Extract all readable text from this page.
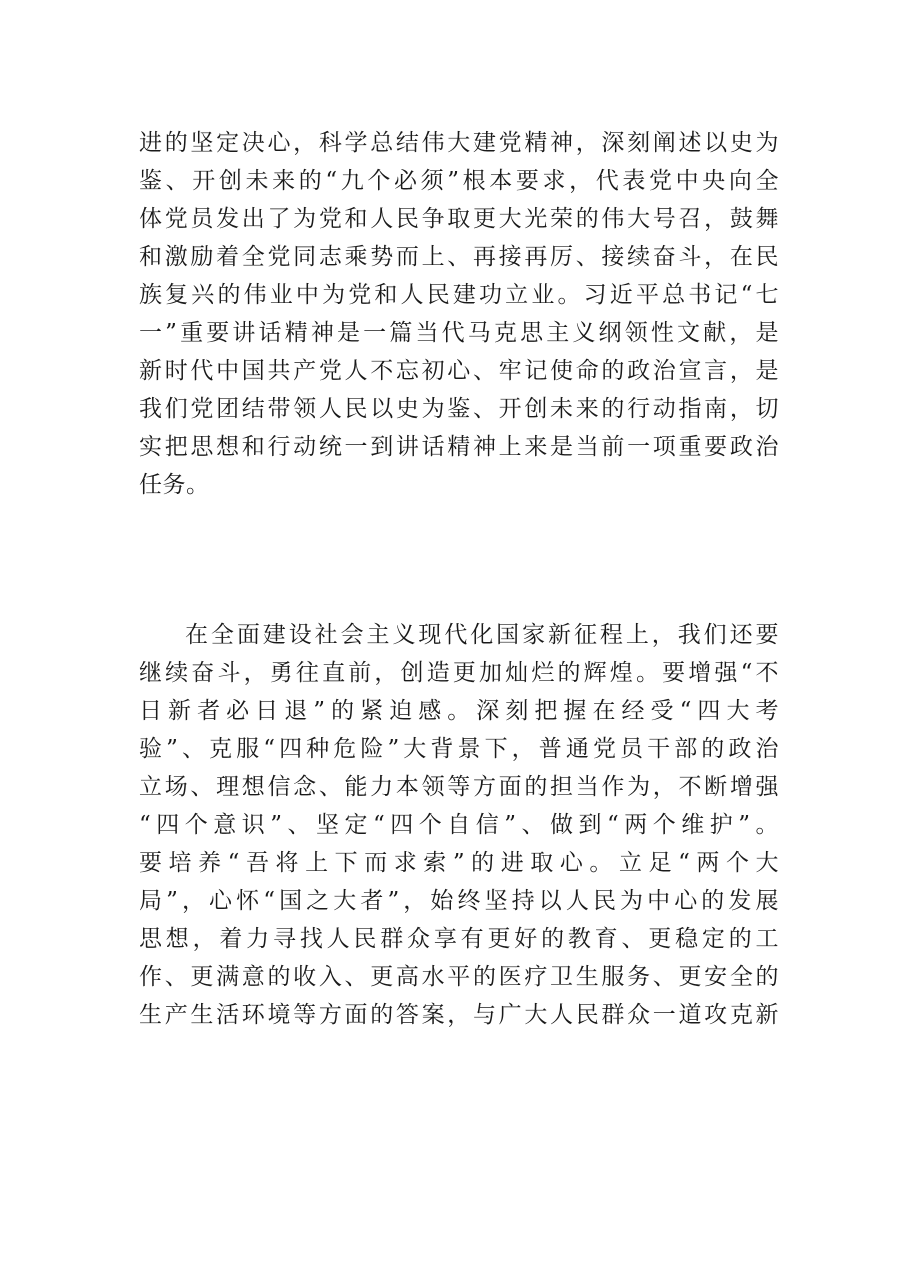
进的坚定决心，科学总结伟大建党精神，深刻阐述以史为
鉴、开创未来的“九个必须”根本要求，代表党中央向全
体党员发出了为党和人民争取更大光荣的伟大号召，鼓舞
和激励着全党同志乘势而上、再接再厉、接续奋斗，在民
族复兴的伟业中为党和人民建功立业。习近平总书记“七
一”重要讲话精神是一篇当代马克思主义纲领性文献，是
新时代中国共产党人不忘初心、牢记使命的政治宣言，是
我们党团结带领人民以史为鉴、开创未来的行动指南，切
实把思想和行动统一到讲话精神上来是当前一项重要政治
任务。
在全面建设社会主义现代化国家新征程上，我们还要
继续奋斗，勇往直前，创造更加灿烂的辉煌。要增强“不
日新者必日退”的紧迫感。深刻把握在经受“四大考
验”、克服“四种危险”大背景下，普通党员干部的政治
立场、理想信念、能力本领等方面的担当作为，不断增强
“四个意识”、坚定“四个自信”、做到“两个维护”。
要培养“吾将上下而求索”的进取心。立足“两个大
局”，心怀“国之大者”，始终坚持以人民为中心的发展
思想，着力寻找人民群众享有更好的教育、更稳定的工
作、更满意的收入、更高水平的医疗卫生服务、更安全的
生产生活环境等方面的答案，与广大人民群众一道攻克新
